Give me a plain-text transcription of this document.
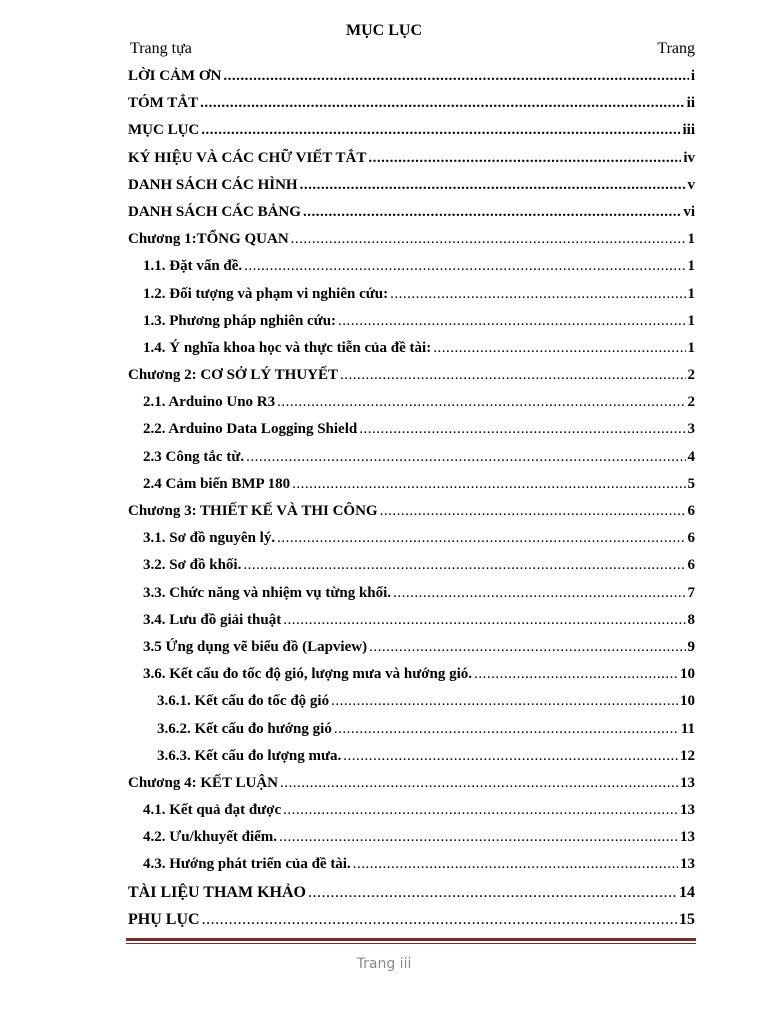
MỤC LỤC
Trang tựa	Trang
LỜI CẢM ƠN .....	i
TÓM TẮT .....	ii
MỤC LỤC .....	iii
KÝ HIỆU VÀ CÁC CHỮ VIẾT TẮT .....	iv
DANH SÁCH CÁC HÌNH .....	v
DANH SÁCH CÁC BẢNG .....	vi
Chương 1:TỔNG QUAN .....	1
1.1. Đặt vấn đề. .....	1
1.2. Đối tượng và phạm vi nghiên cứu: .....	1
1.3. Phương pháp nghiên cứu: .....	1
1.4. Ý nghĩa khoa học và thực tiễn của đề tài: .....	1
Chương 2: CƠ SỞ LÝ THUYẾT .....	2
2.1. Arduino Uno R3 .....	2
2.2. Arduino Data Logging Shield .....	3
2.3 Công tắc từ. .....	4
2.4 Cảm biến BMP 180 .....	5
Chương 3: THIẾT KẾ VÀ THI CÔNG .....	6
3.1. Sơ đồ nguyên lý. .....	6
3.2. Sơ đồ khối. .....	6
3.3. Chức năng và nhiệm vụ từng khối. .....	7
3.4. Lưu đồ giải thuật .....	8
3.5 Ứng dụng vẽ biểu đồ (Lapview) .....	9
3.6. Kết cấu đo tốc độ gió, lượng mưa và hướng gió. .....	10
3.6.1. Kết cấu đo tốc độ gió .....	10
3.6.2. Kết cấu đo hướng gió .....	11
3.6.3. Kết cấu đo lượng mưa. .....	12
Chương 4: KẾT LUẬN .....	13
4.1. Kết quả đạt được .....	13
4.2. Ưu/khuyết điểm. .....	13
4.3. Hướng phát triển của đề tài. .....	13
TÀI LIỆU THAM KHẢO .....	14
PHỤ LỤC .....	15
Trang iii
